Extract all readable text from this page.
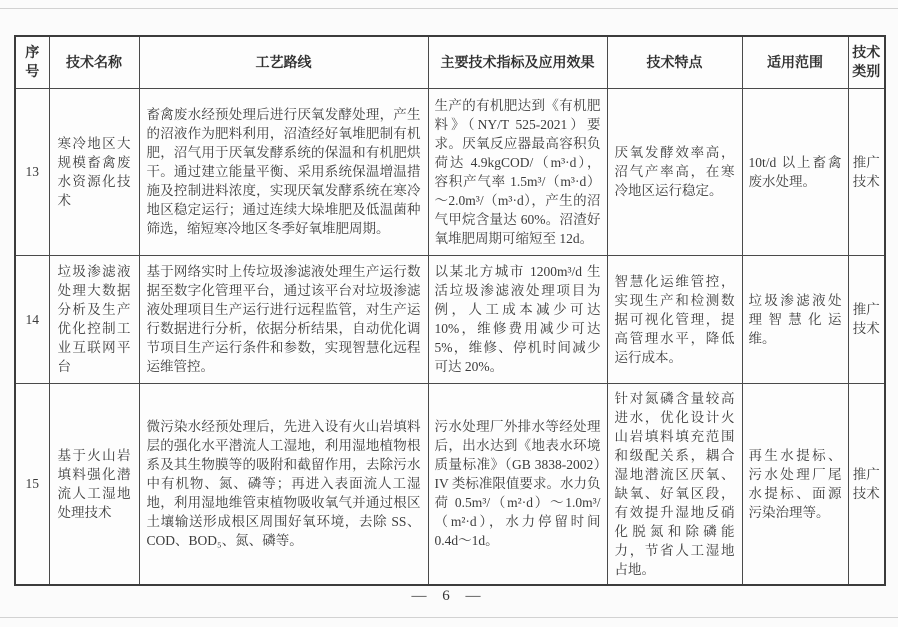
序号	技术名称	工艺路线	主要技术指标及应用效果	技术特点	适用范围	技术类别
13	寒冷地区大规模畜禽废水资源化技术	畜禽废水经预处理后进行厌氧发酵处理，产生的沼液作为肥料利用，沼渣经好氧堆肥制有机肥，沼气用于厌氧发酵系统的保温和有机肥烘干。通过建立能量平衡、采用系统保温增温措施及控制进料浓度，实现厌氧发酵系统在寒冷地区稳定运行；通过连续大垛堆肥及低温菌种筛选，缩短寒冷地区冬季好氧堆肥周期。	生产的有机肥达到《有机肥料》（NY/T 525-2021）要求。厌氧反应器最高容积负荷达 4.9kgCOD/（m³·d），容积产气率 1.5m³/（m³·d）～2.0m³/（m³·d），产生的沼气甲烷含量达 60%。沼渣好氧堆肥周期可缩短至 12d。	厌氧发酵效率高，沼气产率高，在寒冷地区运行稳定。	10t/d 以上畜禽废水处理。	推广技术
14	垃圾渗滤液处理大数据分析及生产优化控制工业互联网平台	基于网络实时上传垃圾渗滤液处理生产运行数据至数字化管理平台，通过该平台对垃圾渗滤液处理项目生产运行进行远程监管，对生产运行数据进行分析，依据分析结果，自动优化调节项目生产运行条件和参数，实现智慧化远程运维管控。	以某北方城市 1200m³/d 生活垃圾渗滤液处理项目为例，人工成本减少可达 10%，维修费用减少可达 5%，维修、停机时间减少可达 20%。	智慧化运维管控，实现生产和检测数据可视化管理，提高管理水平，降低运行成本。	垃圾渗滤液处理智慧化运维。	推广技术
15	基于火山岩填料强化潜流人工湿地处理技术	微污染水经预处理后，先进入设有火山岩填料层的强化水平潜流人工湿地，利用湿地植物根系及其生物膜等的吸附和截留作用，去除污水中有机物、氮、磷等；再进入表面流人工湿地，利用湿地维管束植物吸收氧气并通过根区土壤输送形成根区周围好氧环境，去除 SS、COD、BOD₅、氮、磷等。	污水处理厂外排水等经处理后，出水达到《地表水环境质量标准》（GB 3838-2002）IV 类标准限值要求。水力负荷 0.5m³/（m²·d）～1.0m³/（m²·d），水力停留时间 0.4d～1d。	针对氮磷含量较高进水，优化设计火山岩填料填充范围和级配关系，耦合湿地潜流区厌氧、缺氧、好氧区段，有效提升湿地反硝化脱氮和除磷能力，节省人工湿地占地。	再生水提标、污水处理厂尾水提标、面源污染治理等。	推广技术
— 6 —
